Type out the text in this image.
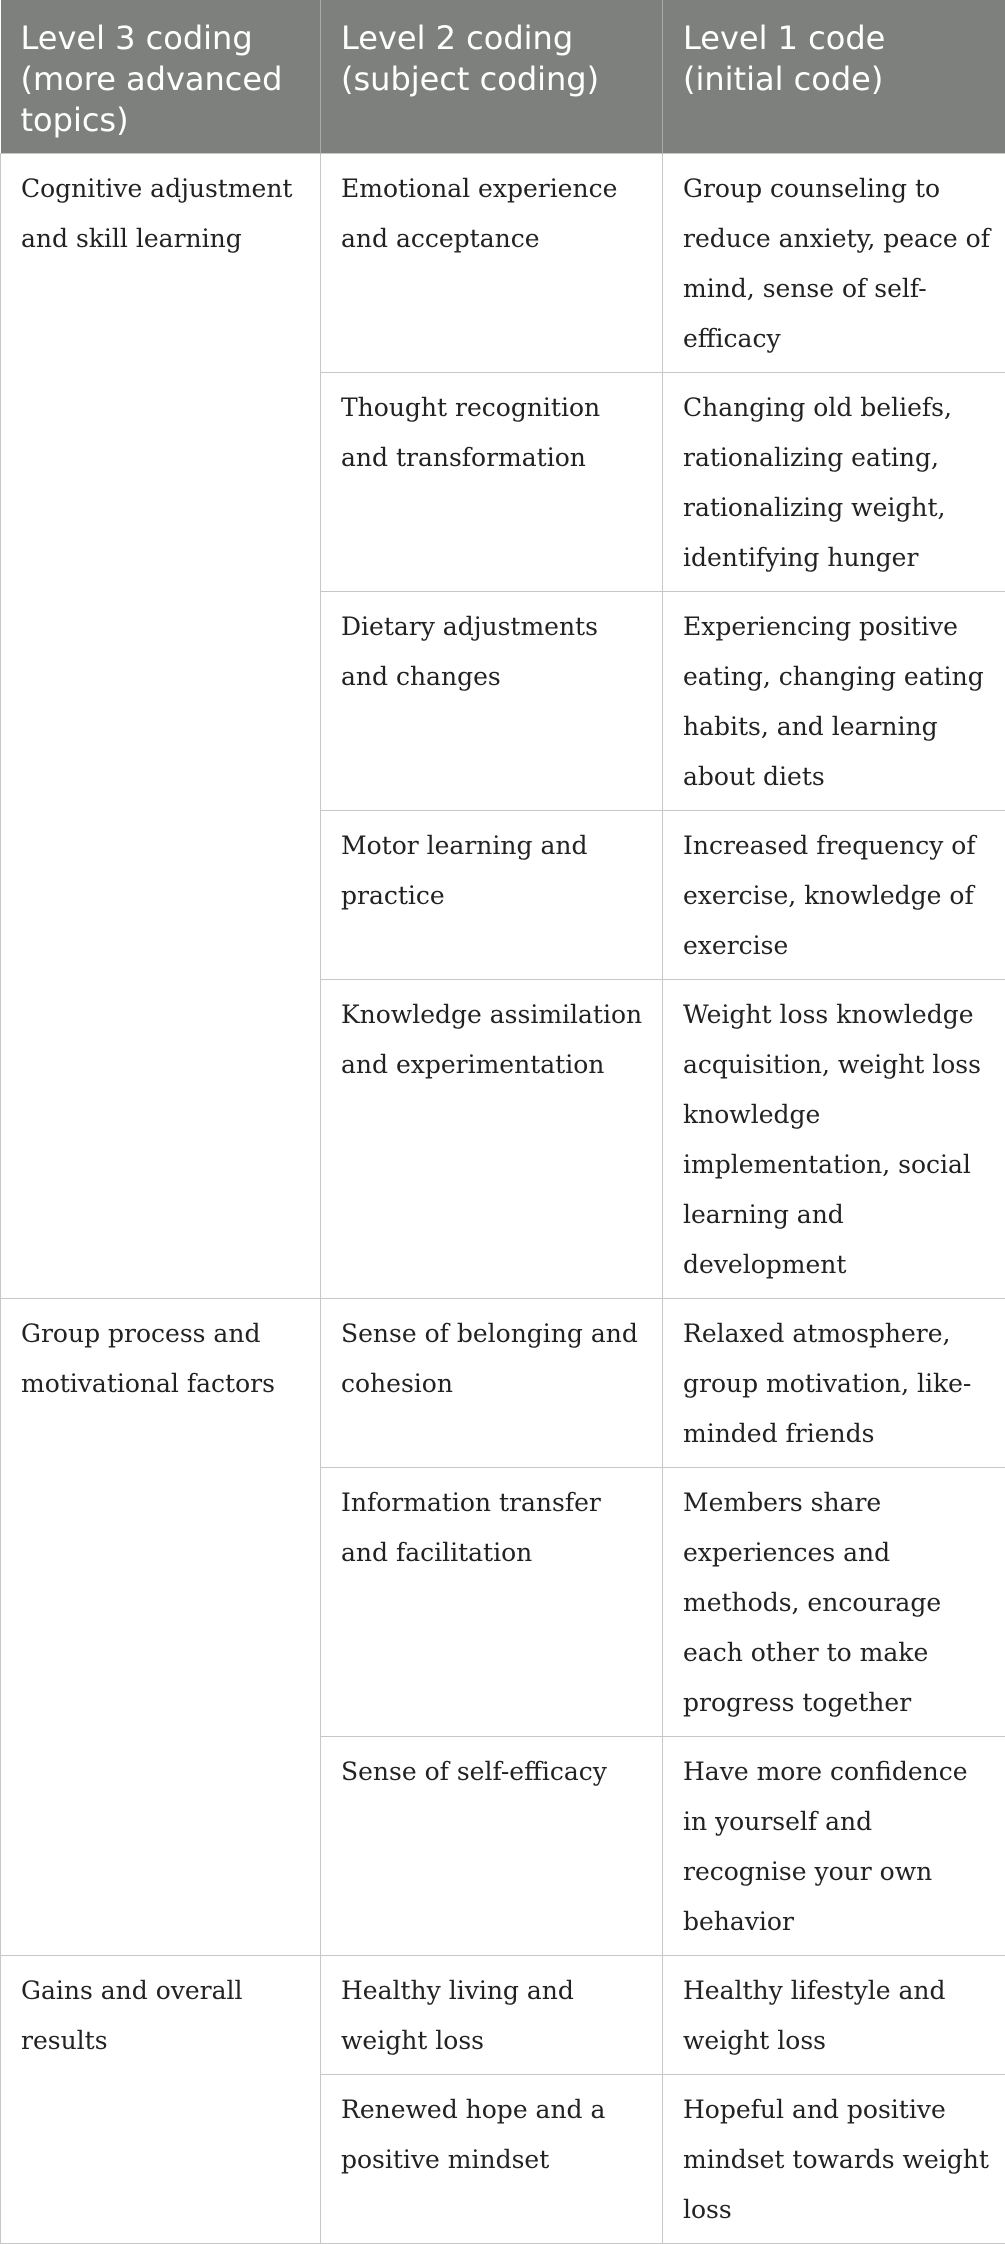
Level 3 coding (more advanced topics)	Level 2 coding (subject coding)	Level 1 code (initial code)
Cognitive adjustment and skill learning	Emotional experience and acceptance	Group counseling to reduce anxiety, peace of mind, sense of self-efficacy
	Thought recognition and transformation	Changing old beliefs, rationalizing eating, rationalizing weight, identifying hunger
	Dietary adjustments and changes	Experiencing positive eating, changing eating habits, and learning about diets
	Motor learning and practice	Increased frequency of exercise, knowledge of exercise
	Knowledge assimilation and experimentation	Weight loss knowledge acquisition, weight loss knowledge implementation, social learning and development
Group process and motivational factors	Sense of belonging and cohesion	Relaxed atmosphere, group motivation, like-minded friends
	Information transfer and facilitation	Members share experiences and methods, encourage each other to make progress together
	Sense of self-efficacy	Have more confidence in yourself and recognise your own behavior
Gains and overall results	Healthy living and weight loss	Healthy lifestyle and weight loss
	Renewed hope and a positive mindset	Hopeful and positive mindset towards weight loss
